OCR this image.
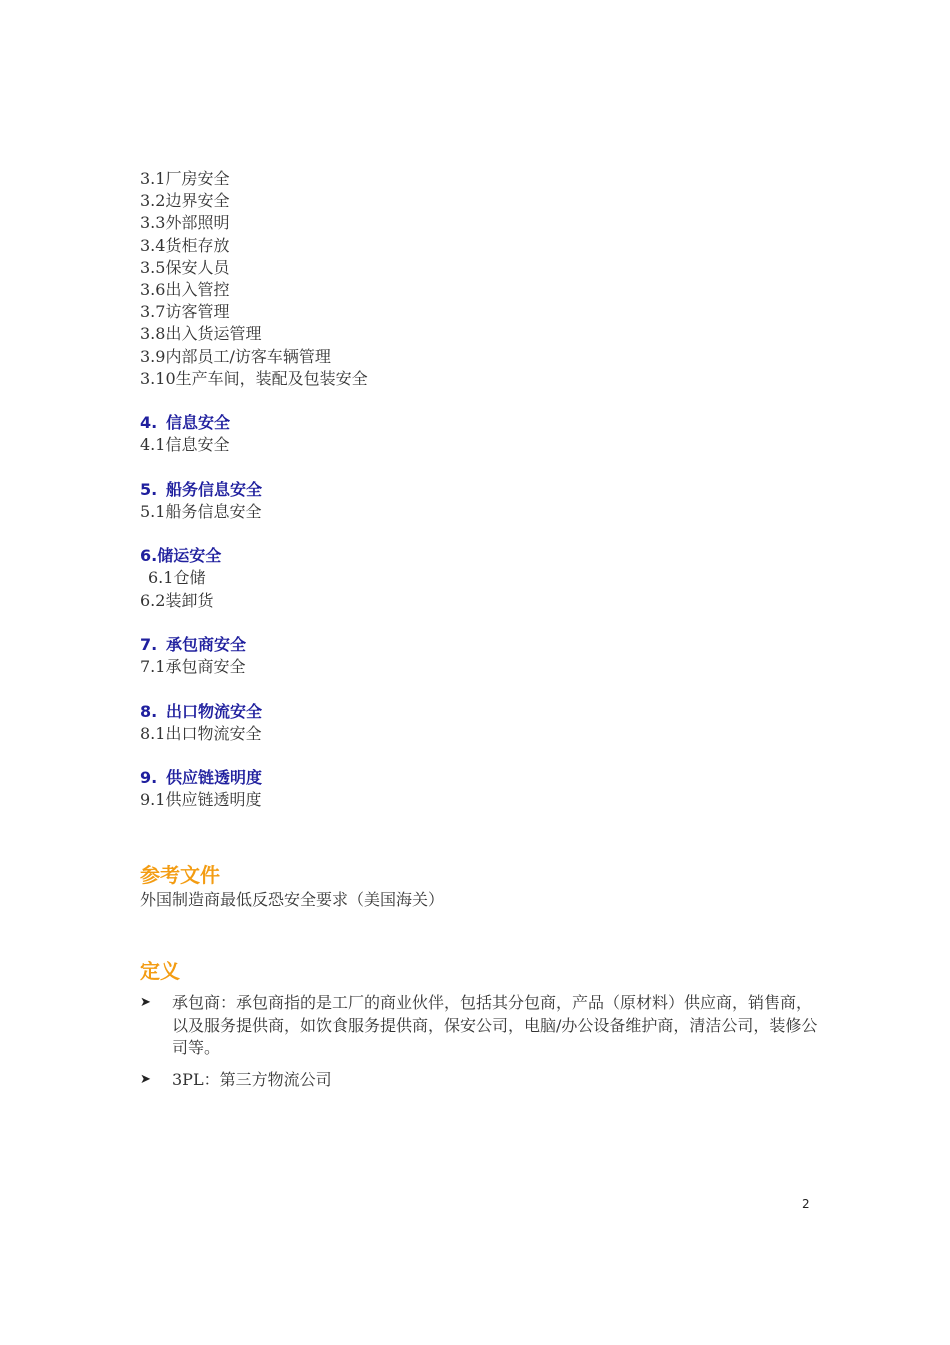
3.1厂房安全
3.2边界安全
3.3外部照明
3.4货柜存放
3.5保安人员
3.6出入管控
3.7访客管理
3.8出入货运管理
3.9内部员工/访客车辆管理
3.10生产车间，装配及包装安全
4. 信息安全
4.1信息安全
5. 船务信息安全
5.1船务信息安全
6.储运安全
6.1仓储
6.2装卸货
7. 承包商安全
7.1承包商安全
8. 出口物流安全
8.1出口物流安全
9. 供应链透明度
9.1供应链透明度
参考文件
外国制造商最低反恐安全要求（美国海关）
定义
➤ 承包商：承包商指的是工厂的商业伙伴，包括其分包商，产品（原材料）供应商，销售商，以及服务提供商，如饮食服务提供商，保安公司，电脑/办公设备维护商，清洁公司，装修公司等。
➤ 3PL：第三方物流公司
2
